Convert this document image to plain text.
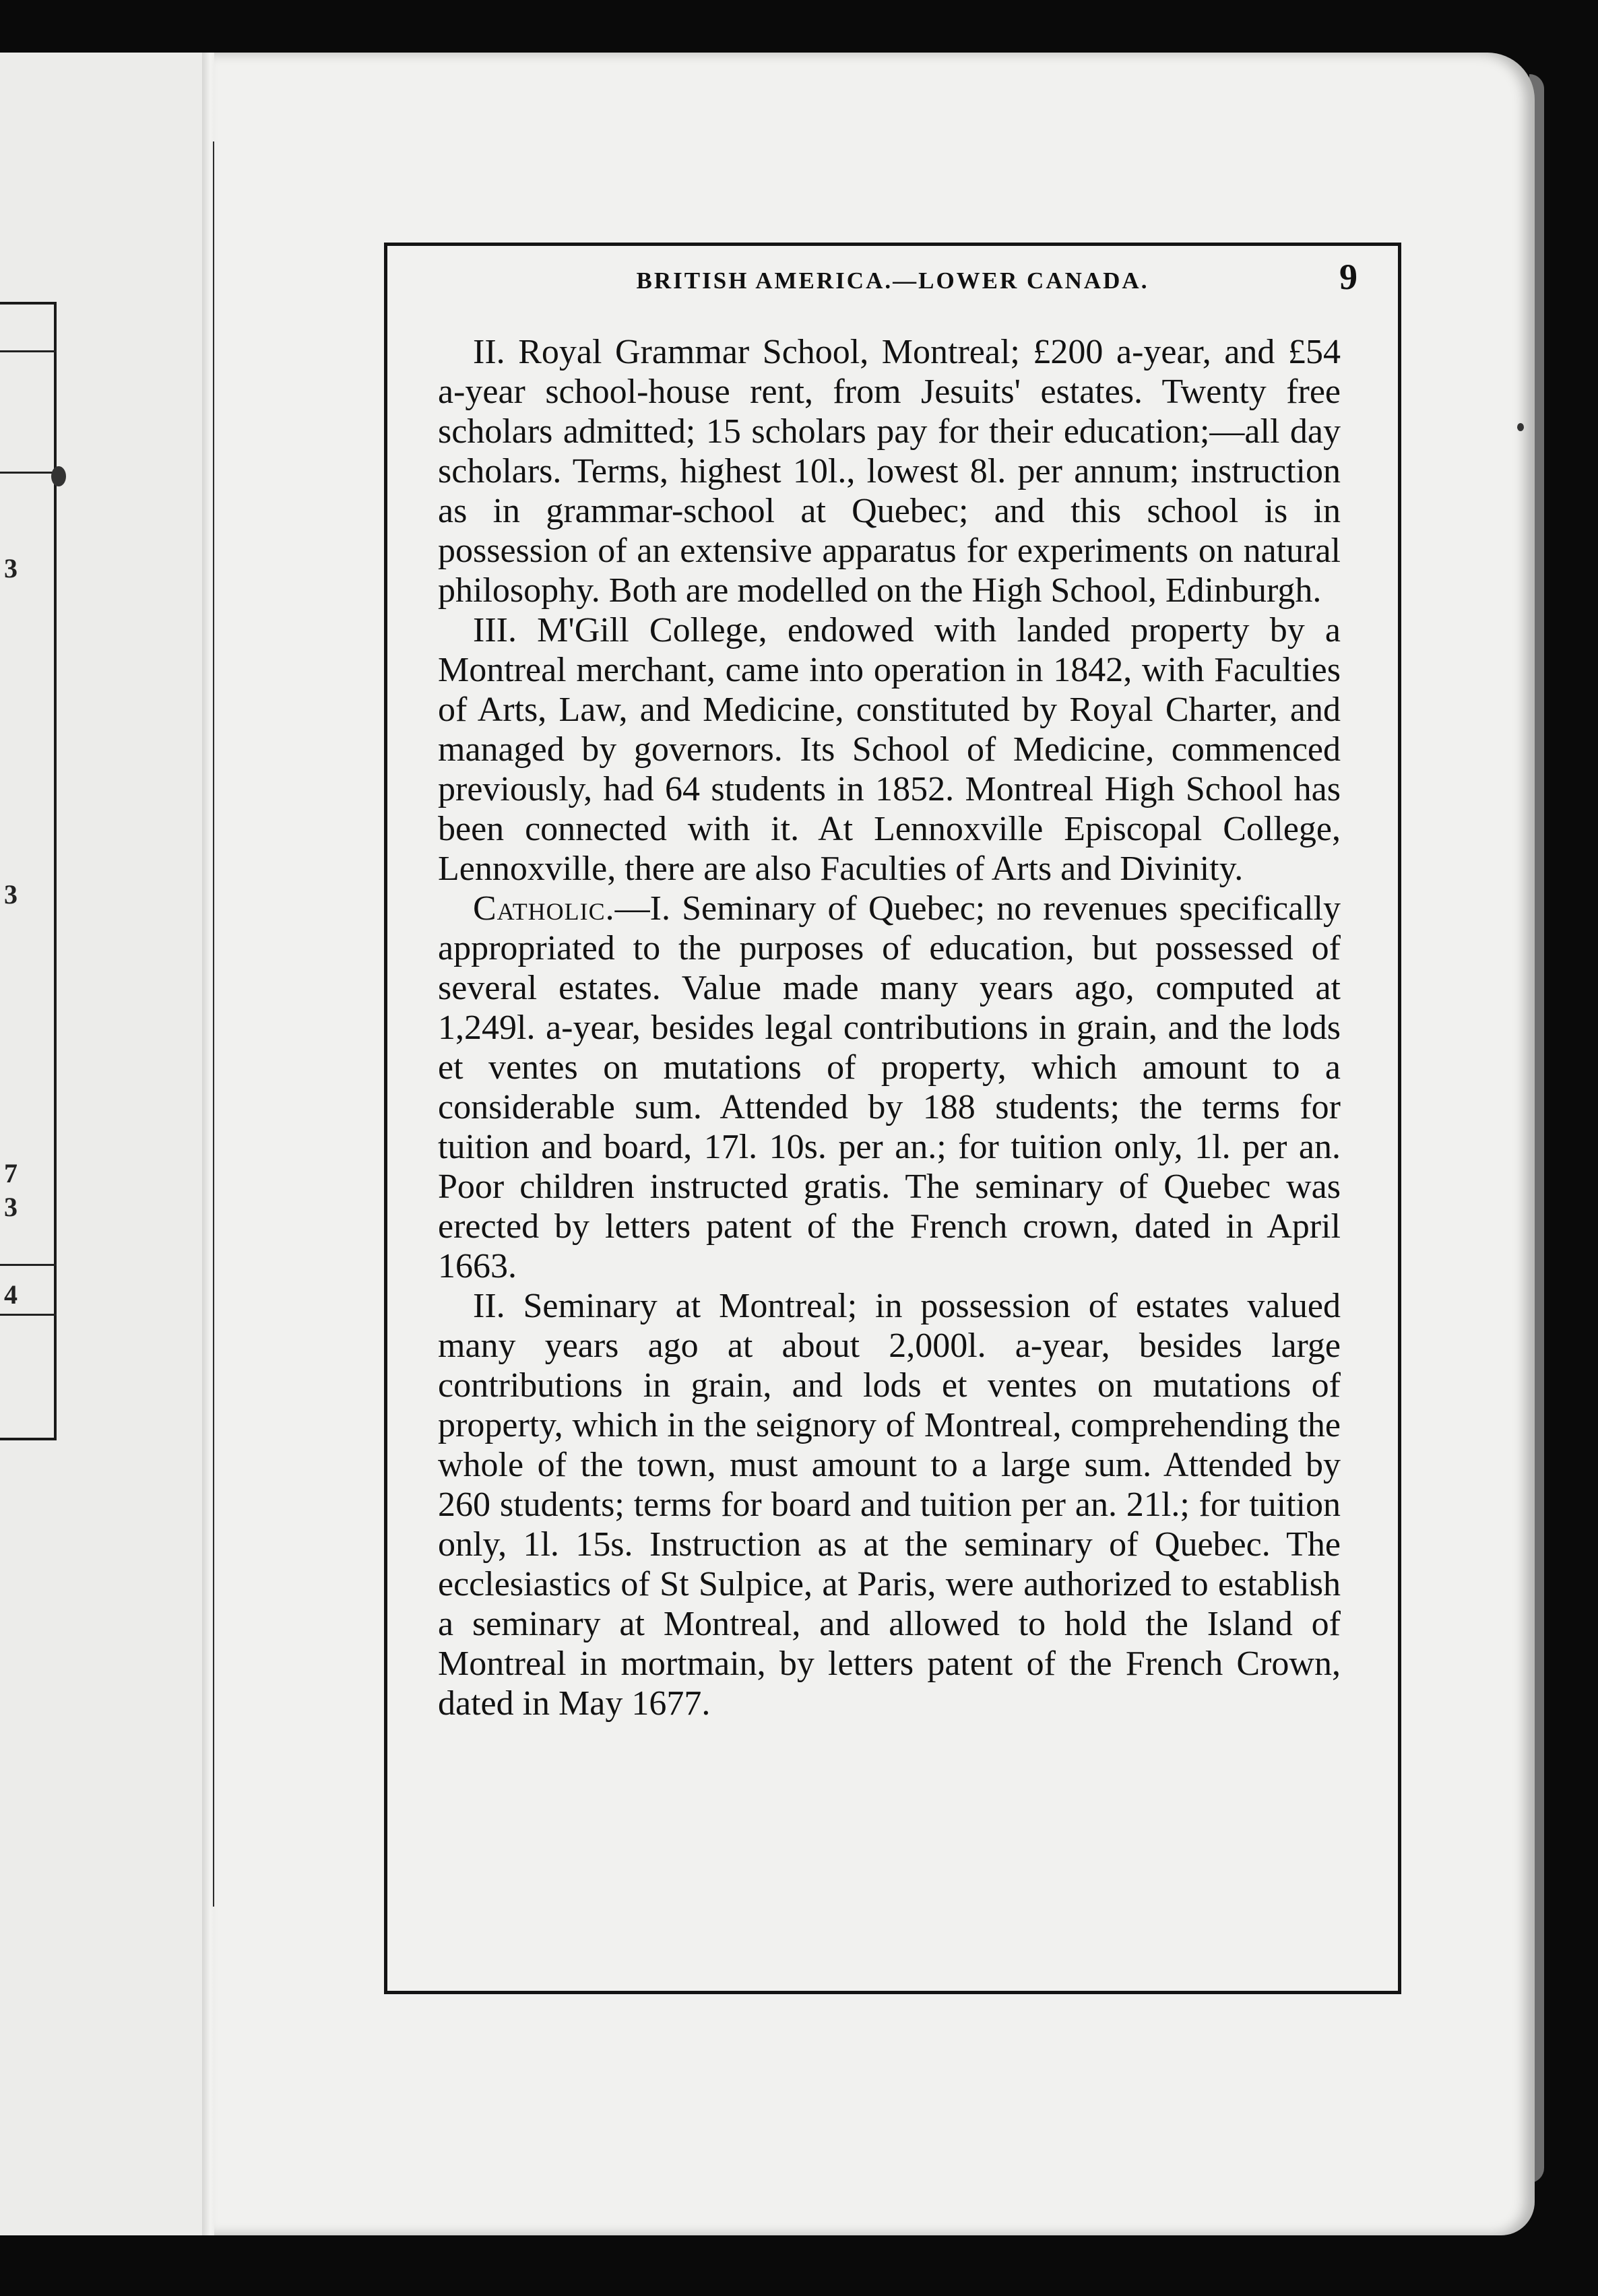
3
3
7
3
4
BRITISH AMERICA.—LOWER CANADA.	9

II. Royal Grammar School, Montreal; £200 a-year, and £54 a-year school-house rent, from Jesuits' estates. Twenty free scholars admitted; 15 scholars pay for their education;—all day scholars. Terms, highest 10l., lowest 8l. per annum; instruction as in grammar-school at Quebec; and this school is in possession of an extensive apparatus for experiments on natural philosophy. Both are modelled on the High School, Edinburgh.

III. M'Gill College, endowed with landed property by a Montreal merchant, came into operation in 1842, with Faculties of Arts, Law, and Medicine, constituted by Royal Charter, and managed by governors. Its School of Medicine, commenced previously, had 64 students in 1852. Montreal High School has been connected with it. At Lennoxville Episcopal College, Lennoxville, there are also Faculties of Arts and Divinity.

Catholic.—I. Seminary of Quebec; no revenues specifically appropriated to the purposes of education, but possessed of several estates. Value made many years ago, computed at 1,249l. a-year, besides legal contributions in grain, and the lods et ventes on mutations of property, which amount to a considerable sum. Attended by 188 students; the terms for tuition and board, 17l. 10s. per an.; for tuition only, 1l. per an. Poor children instructed gratis. The seminary of Quebec was erected by letters patent of the French crown, dated in April 1663.

II. Seminary at Montreal; in possession of estates valued many years ago at about 2,000l. a-year, besides large contributions in grain, and lods et ventes on mutations of property, which in the seignory of Montreal, comprehending the whole of the town, must amount to a large sum. Attended by 260 students; terms for board and tuition per an. 21l.; for tuition only, 1l. 15s. Instruction as at the seminary of Quebec. The ecclesiastics of St Sulpice, at Paris, were authorized to establish a seminary at Montreal, and allowed to hold the Island of Montreal in mortmain, by letters patent of the French Crown, dated in May 1677.
